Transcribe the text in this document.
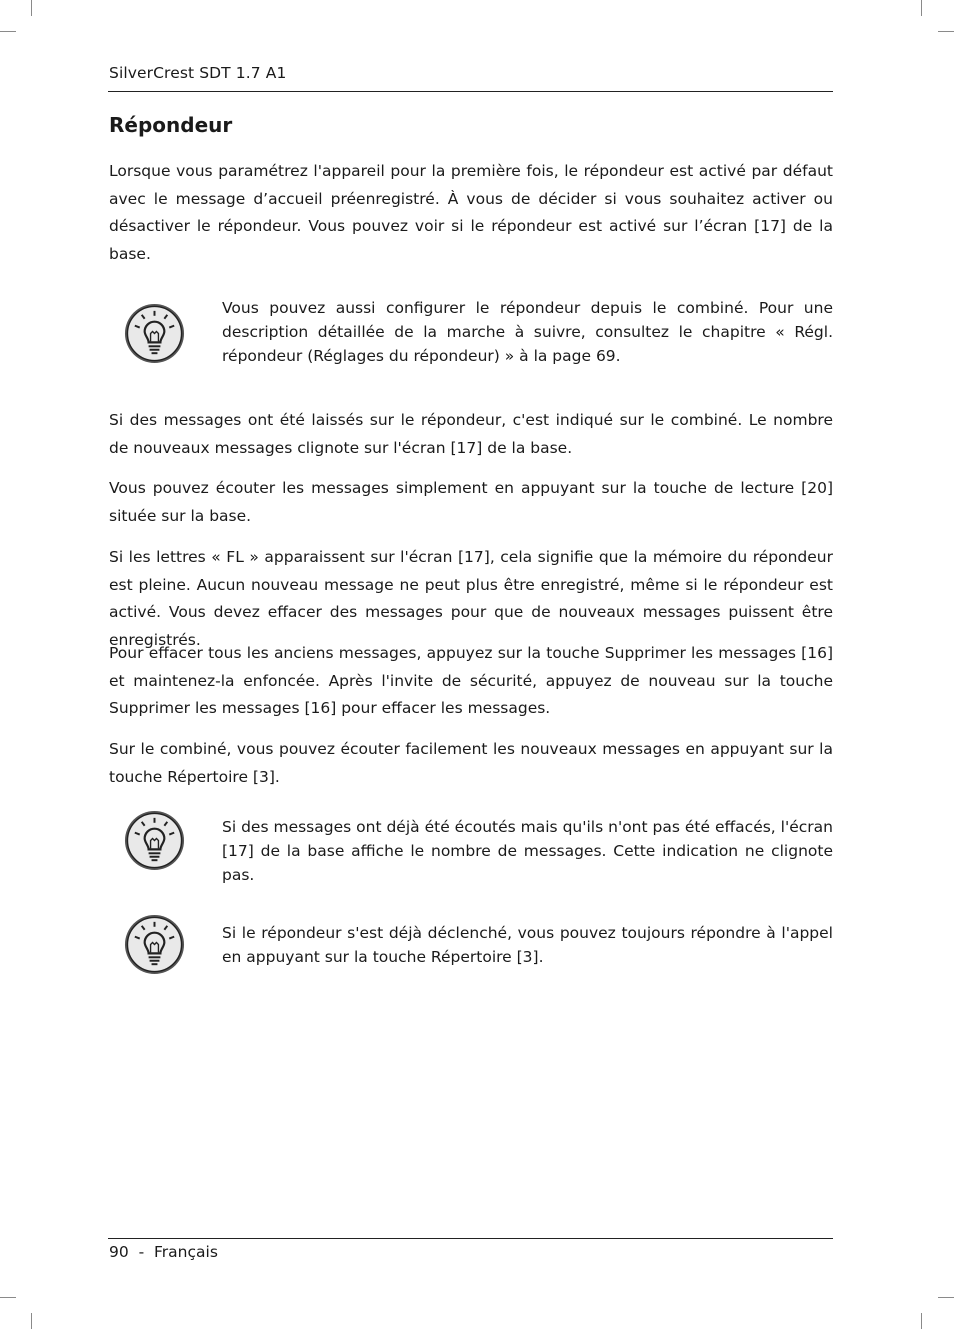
SilverCrest SDT 1.7 A1
Répondeur

Lorsque vous paramétrez l'appareil pour la première fois, le répondeur est activé par défaut avec le message d’accueil préenregistré. À vous de décider si vous souhaitez activer ou désactiver le répondeur. Vous pouvez voir si le répondeur est activé sur l’écran [17] de la base.

Vous pouvez aussi configurer le répondeur depuis le combiné. Pour une description détaillée de la marche à suivre, consultez le chapitre « Régl. répondeur (Réglages du répondeur) » à la page 69.

Si des messages ont été laissés sur le répondeur, c'est indiqué sur le combiné. Le nombre de nouveaux messages clignote sur l'écran [17] de la base.

Vous pouvez écouter les messages simplement en appuyant sur la touche de lecture [20] située sur la base.

Si les lettres « FL » apparaissent sur l'écran [17], cela signifie que la mémoire du répondeur est pleine. Aucun nouveau message ne peut plus être enregistré, même si le répondeur est activé. Vous devez effacer des messages pour que de nouveaux messages puissent être enregistrés.

Pour effacer tous les anciens messages, appuyez sur la touche Supprimer les messages [16] et maintenez-la enfoncée. Après l'invite de sécurité, appuyez de nouveau sur la touche Supprimer les messages [16] pour effacer les messages.

Sur le combiné, vous pouvez écouter facilement les nouveaux messages en appuyant sur la touche Répertoire [3].

Si des messages ont déjà été écoutés mais qu'ils n'ont pas été effacés, l'écran [17] de la base affiche le nombre de messages. Cette indication ne clignote pas.

Si le répondeur s'est déjà déclenché, vous pouvez toujours répondre à l'appel en appuyant sur la touche Répertoire [3].

90  -  Français
